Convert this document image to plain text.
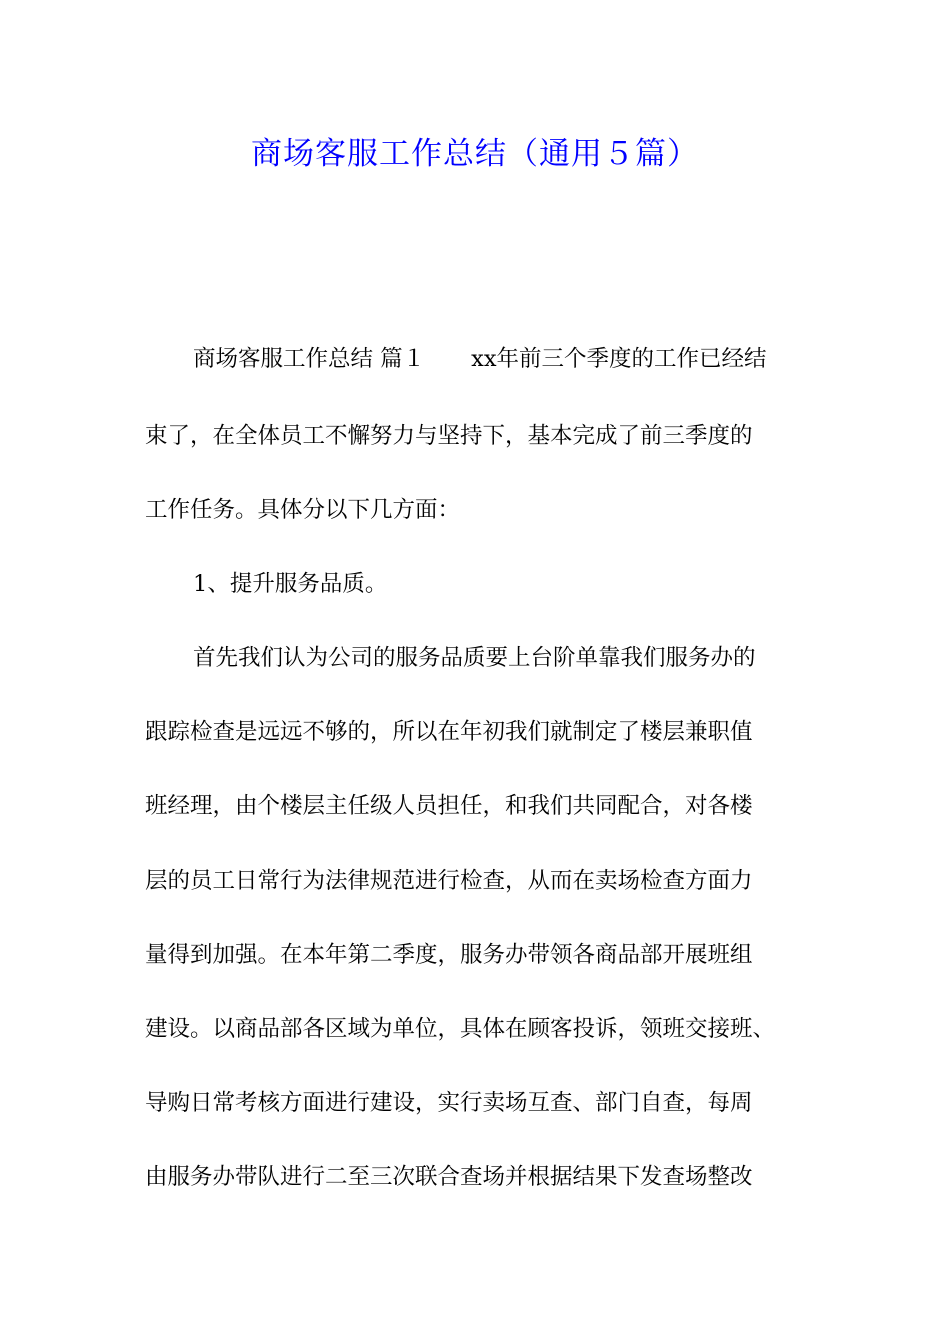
商场客服工作总结（通用５篇）
商场客服工作总结 篇１ xx年前三个季度的工作已经结
束了，在全体员工不懈努力与坚持下，基本完成了前三季度的
工作任务。具体分以下几方面：
1、提升服务品质。
首先我们认为公司的服务品质要上台阶单靠我们服务办的
跟踪检查是远远不够的，所以在年初我们就制定了楼层兼职值
班经理，由个楼层主任级人员担任，和我们共同配合，对各楼
层的员工日常行为法律规范进行检查，从而在卖场检查方面力
量得到加强。在本年第二季度，服务办带领各商品部开展班组
建设。以商品部各区域为单位，具体在顾客投诉，领班交接班、
导购日常考核方面进行建设，实行卖场互查、部门自查，每周
由服务办带队进行二至三次联合查场并根据结果下发查场整改
